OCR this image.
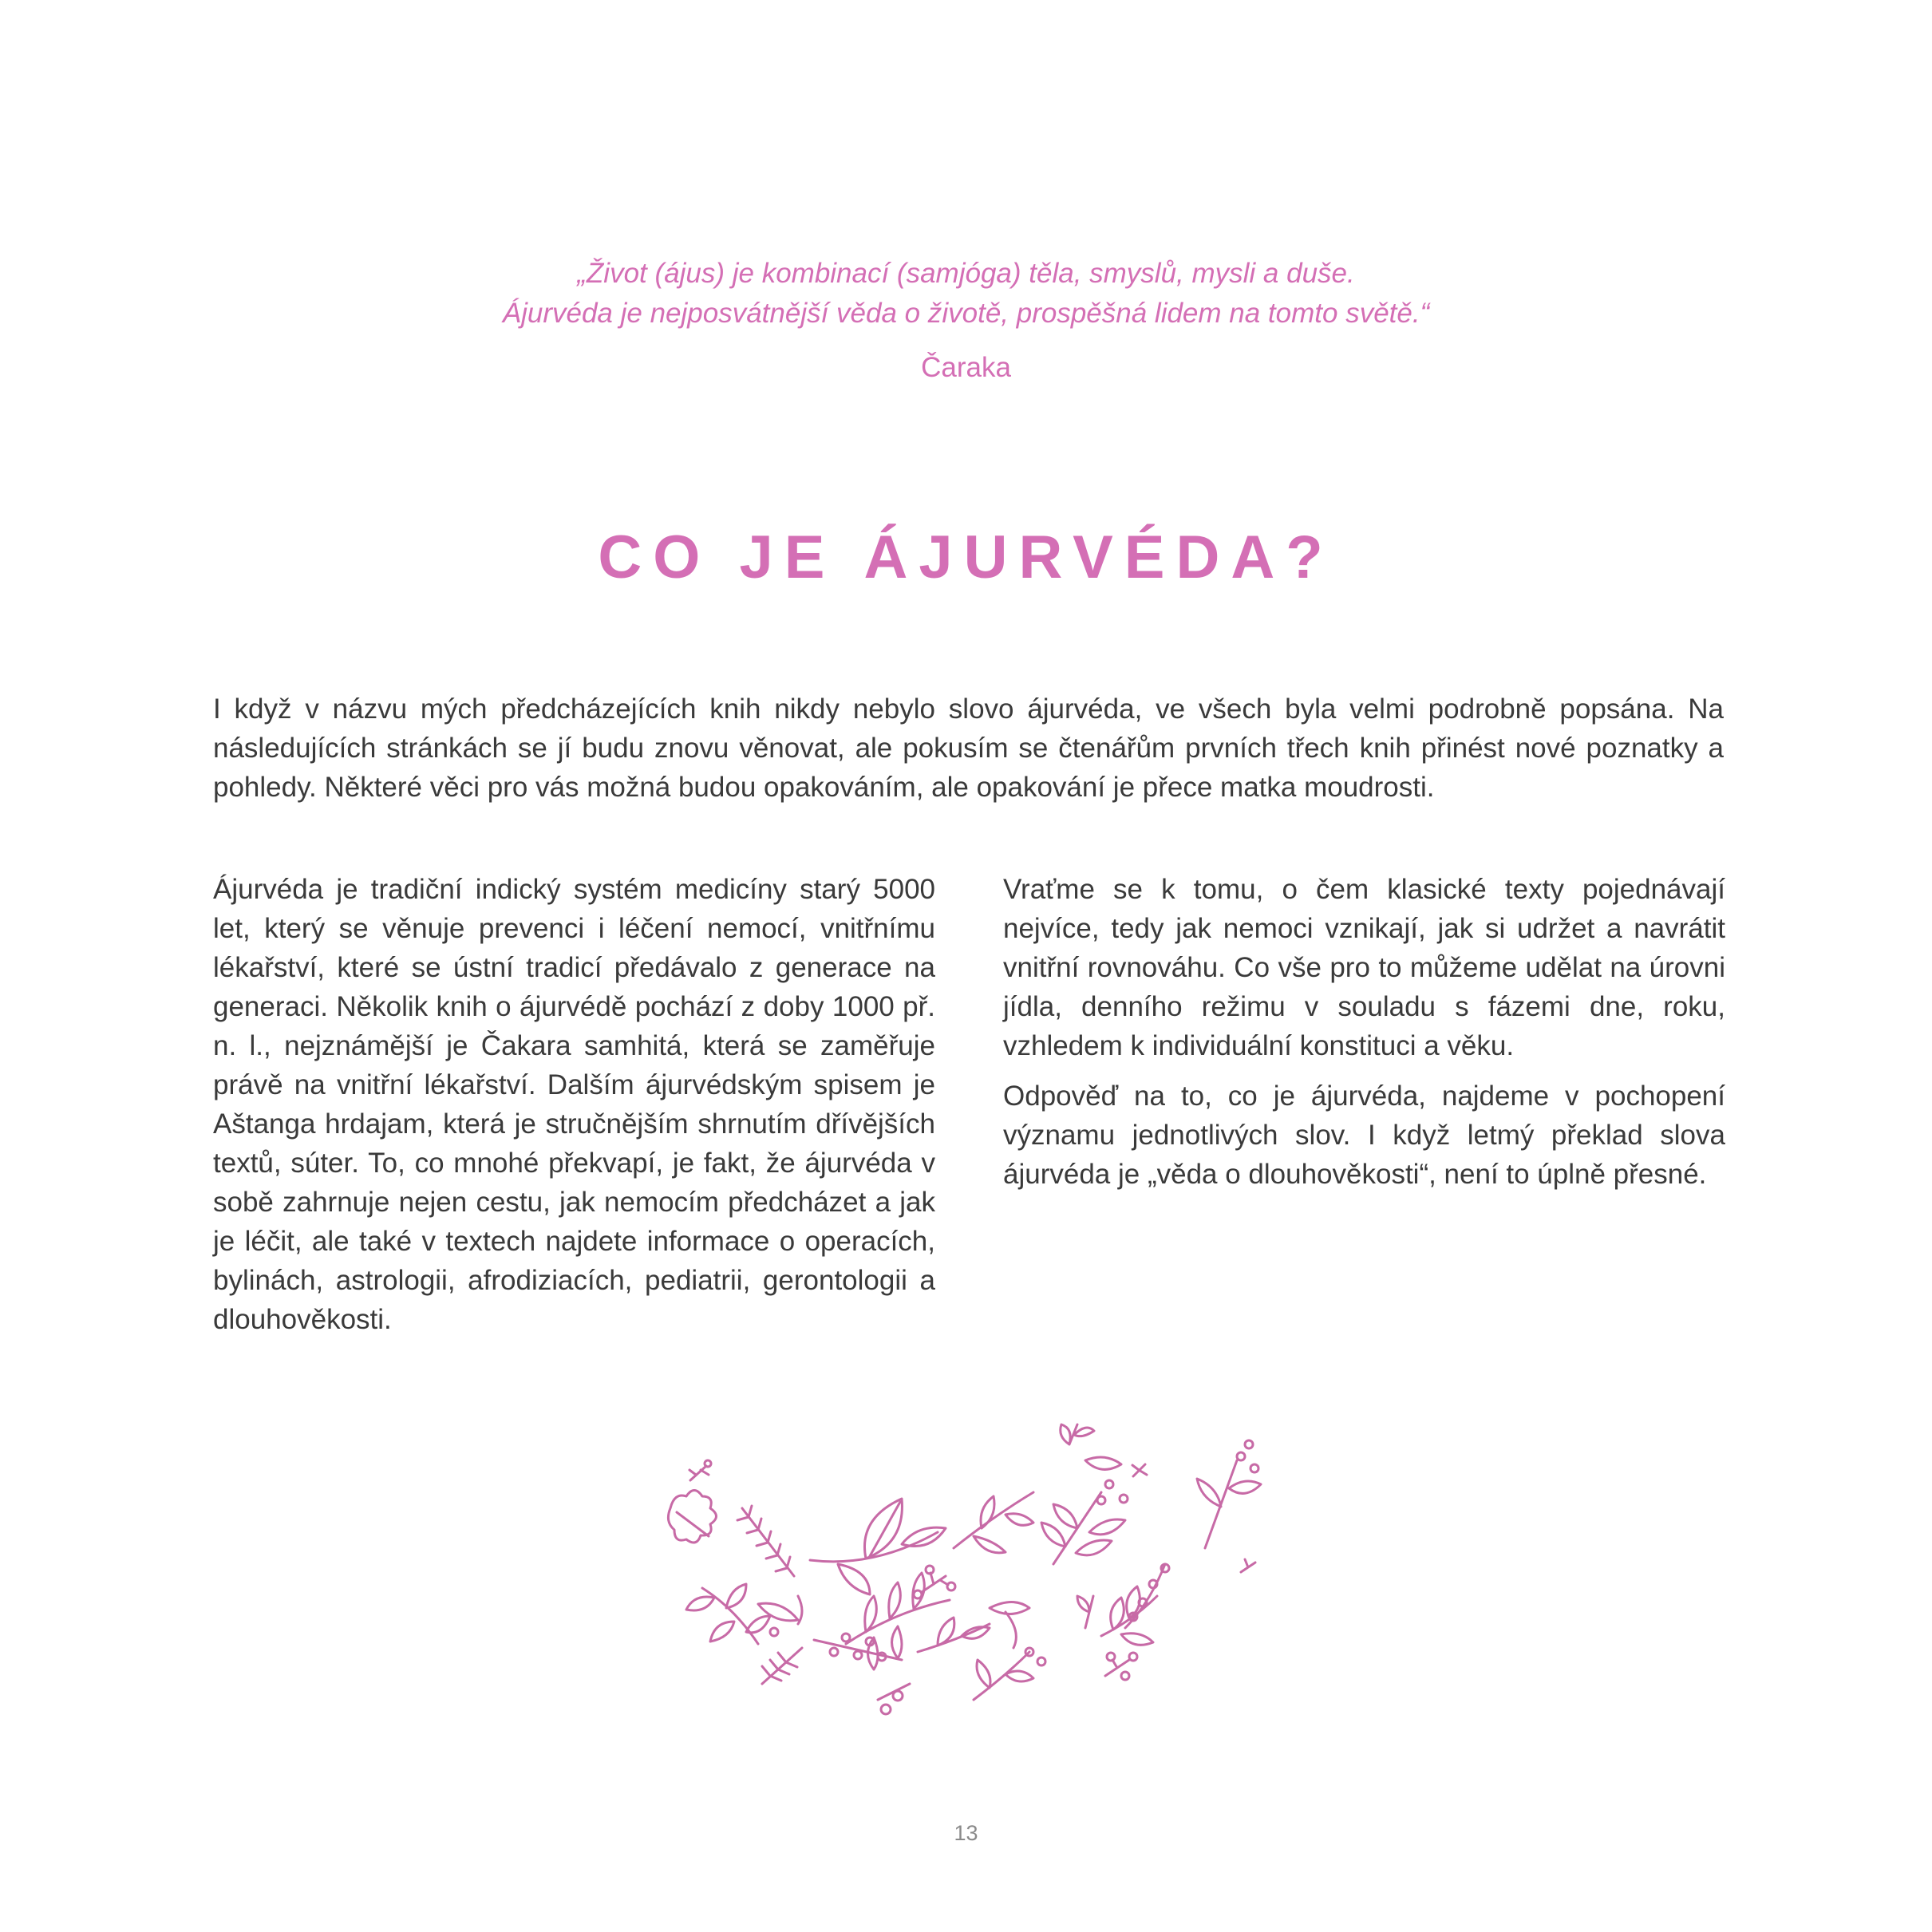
„Život (ájus) je kombinací (samjóga) těla, smyslů, mysli a duše.
Ájurvéda je nejposvátnější věda o životě, prospěšná lidem na tomto světě.“
Čaraka
CO JE ÁJURVÉDA?

I když v názvu mých předcházejících knih nikdy nebylo slovo ájurvéda, ve všech byla velmi podrobně popsána. Na následujících stránkách se jí budu znovu věnovat, ale pokusím se čtenářům prvních třech knih přinést nové poznatky a pohledy. Některé věci pro vás možná budou opakováním, ale opakování je přece matka moudrosti.

Ájurvéda je tradiční indický systém medicíny starý 5000 let, který se věnuje prevenci i léčení nemocí, vnitřnímu lékařství, které se ústní tradicí předávalo z generace na generaci. Několik knih o ájurvédě pochází z doby 1000 př. n. l., nejznámější je Čakara samhitá, která se zaměřuje právě na vnitřní lékařství. Dalším ájurvédským spisem je Aštanga hrdajam, která je stručnějším shrnutím dřívějších textů, súter. To, co mnohé překvapí, je fakt, že ájurvéda v sobě zahrnuje nejen cestu, jak nemocím předcházet a jak je léčit, ale také v textech najdete informace o operacích, bylinách, astrologii, afrodiziacích, pediatrii, gerontologii a dlouhověkosti.

Vraťme se k tomu, o čem klasické texty pojednávají nejvíce, tedy jak nemoci vznikají, jak si udržet a navrátit vnitřní rovnováhu. Co vše pro to můžeme udělat na úrovni jídla, denního režimu v souladu s fázemi dne, roku, vzhledem k individuální konstituci a věku.

Odpověď na to, co je ájurvéda, najdeme v pochopení významu jednotlivých slov. I když letmý překlad slova ájurvéda je „věda o dlouhověkosti“, není to úplně přesné.

13
